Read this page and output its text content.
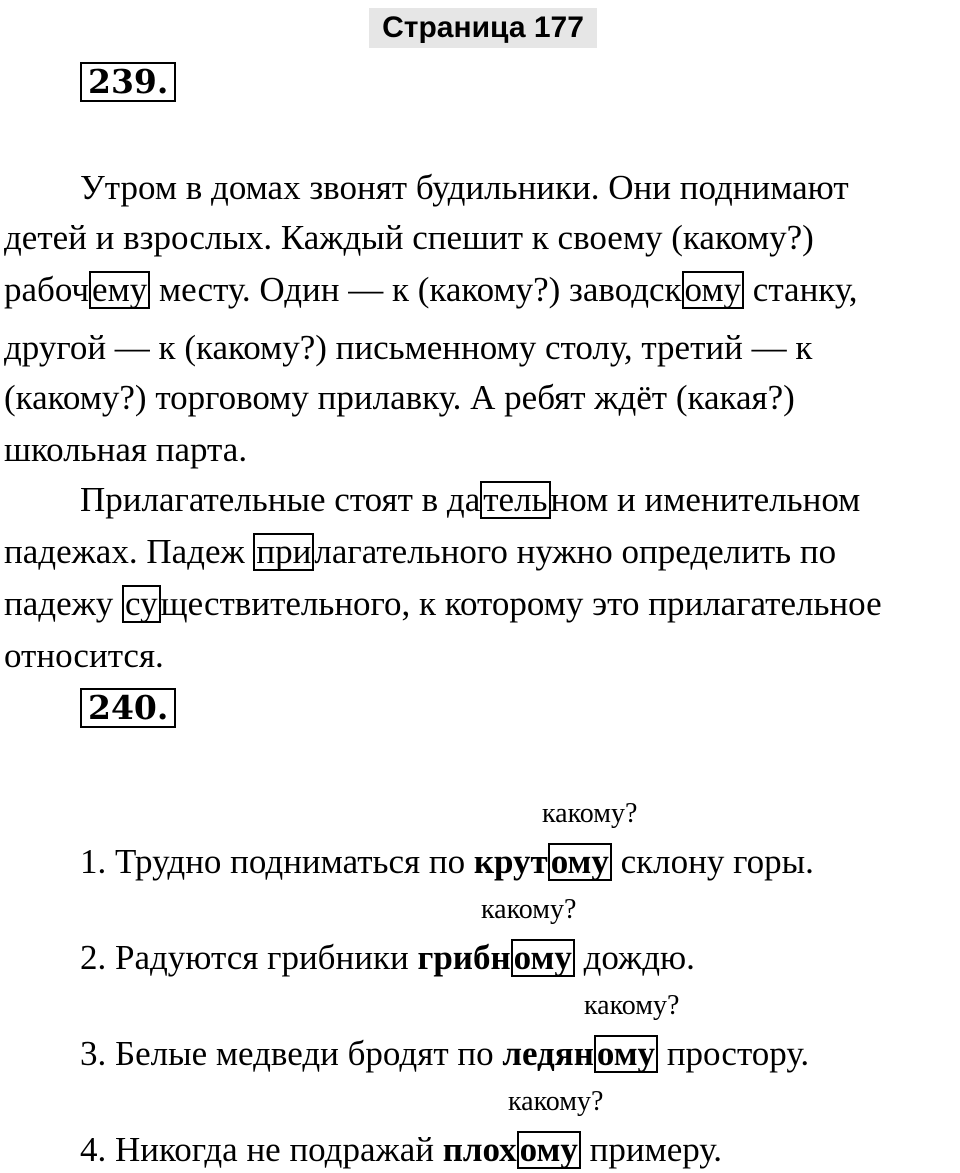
Страница 177
239.
Утром в домах звонят будильники. Они поднимают
детей и взрослых. Каждый спешит к своему (какому?)
рабочему месту. Один — к (какому?) заводскому станку,
другой — к (какому?) письменному столу, третий — к
(какому?) торговому прилавку. А ребят ждёт (какая?)
школьная парта.
Прилагательные стоят в дательном и именительном
падежах. Падеж прилагательного нужно определить по
падежу существительного, к которому это прилагательное
относится.
240.
какому?
1. Трудно подниматься по крутому склону горы.
какому?
2. Радуются грибники грибному дождю.
какому?
3. Белые медведи бродят по ледяному простору.
какому?
4. Никогда не подражай плохому примеру.
